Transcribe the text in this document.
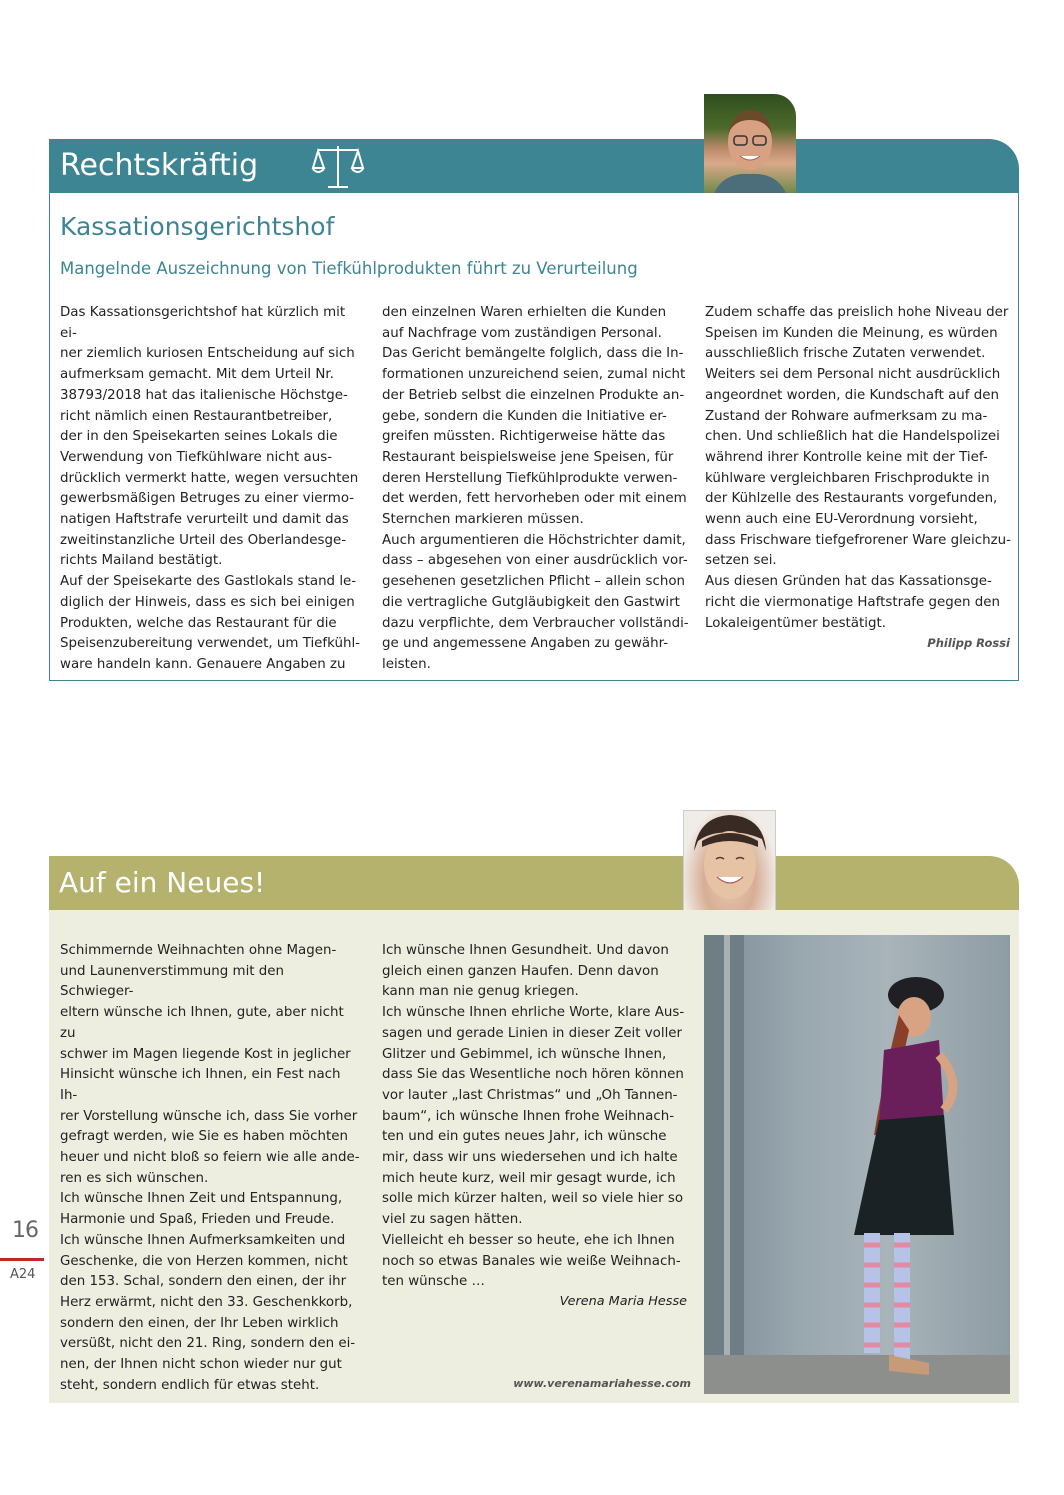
Rechtskräftig
Kassationsgerichtshof
Mangelnde Auszeichnung von Tiefkühlprodukten führt zu Verurteilung

Das Kassationsgerichtshof hat kürzlich mit ei-
ner ziemlich kuriosen Entscheidung auf sich
aufmerksam gemacht. Mit dem Urteil Nr.
38793/2018 hat das italienische Höchstge-
richt nämlich einen Restaurantbetreiber,
der in den Speisekarten seines Lokals die
Verwendung von Tiefkühlware nicht aus-
drücklich vermerkt hatte, wegen versuchten
gewerbsmäßigen Betruges zu einer viermo-
natigen Haftstrafe verurteilt und damit das
zweitinstanzliche Urteil des Oberlandesge-
richts Mailand bestätigt.
Auf der Speisekarte des Gastlokals stand le-
diglich der Hinweis, dass es sich bei einigen
Produkten, welche das Restaurant für die
Speisenzubereitung verwendet, um Tiefkühl-
ware handeln kann. Genauere Angaben zu

den einzelnen Waren erhielten die Kunden
auf Nachfrage vom zuständigen Personal.
Das Gericht bemängelte folglich, dass die In-
formationen unzureichend seien, zumal nicht
der Betrieb selbst die einzelnen Produkte an-
gebe, sondern die Kunden die Initiative er-
greifen müssten. Richtigerweise hätte das
Restaurant beispielsweise jene Speisen, für
deren Herstellung Tiefkühlprodukte verwen-
det werden, fett hervorheben oder mit einem
Sternchen markieren müssen.
Auch argumentieren die Höchstrichter damit,
dass – abgesehen von einer ausdrücklich vor-
gesehenen gesetzlichen Pflicht – allein schon
die vertragliche Gutgläubigkeit den Gastwirt
dazu verpflichte, dem Verbraucher vollständi-
ge und angemessene Angaben zu gewähr-
leisten.

Zudem schaffe das preislich hohe Niveau der
Speisen im Kunden die Meinung, es würden
ausschließlich frische Zutaten verwendet.
Weiters sei dem Personal nicht ausdrücklich
angeordnet worden, die Kundschaft auf den
Zustand der Rohware aufmerksam zu ma-
chen. Und schließlich hat die Handelspolizei
während ihrer Kontrolle keine mit der Tief-
kühlware vergleichbaren Frischprodukte in
der Kühlzelle des Restaurants vorgefunden,
wenn auch eine EU-Verordnung vorsieht,
dass Frischware tiefgefrorener Ware gleichzu-
setzen sei.
Aus diesen Gründen hat das Kassationsge-
richt die viermonatige Haftstrafe gegen den
Lokaleigentümer bestätigt.

Philipp Rossi
Auf ein Neues!

Schimmernde Weihnachten ohne Magen-
und Launenverstimmung mit den Schwieger-
eltern wünsche ich Ihnen, gute, aber nicht zu
schwer im Magen liegende Kost in jeglicher
Hinsicht wünsche ich Ihnen, ein Fest nach Ih-
rer Vorstellung wünsche ich, dass Sie vorher
gefragt werden, wie Sie es haben möchten
heuer und nicht bloß so feiern wie alle ande-
ren es sich wünschen.
Ich wünsche Ihnen Zeit und Entspannung,
Harmonie und Spaß, Frieden und Freude.
Ich wünsche Ihnen Aufmerksamkeiten und
Geschenke, die von Herzen kommen, nicht
den 153. Schal, sondern den einen, der ihr
Herz erwärmt, nicht den 33. Geschenkkorb,
sondern den einen, der Ihr Leben wirklich
versüßt, nicht den 21. Ring, sondern den ei-
nen, der Ihnen nicht schon wieder nur gut
steht, sondern endlich für etwas steht.

Ich wünsche Ihnen Gesundheit. Und davon
gleich einen ganzen Haufen. Denn davon
kann man nie genug kriegen.
Ich wünsche Ihnen ehrliche Worte, klare Aus-
sagen und gerade Linien in dieser Zeit voller
Glitzer und Gebimmel, ich wünsche Ihnen,
dass Sie das Wesentliche noch hören können
vor lauter „last Christmas“ und „Oh Tannen-
baum“, ich wünsche Ihnen frohe Weihnach-
ten und ein gutes neues Jahr, ich wünsche
mir, dass wir uns wiedersehen und ich halte
mich heute kurz, weil mir gesagt wurde, ich
solle mich kürzer halten, weil so viele hier so
viel zu sagen hätten.
Vielleicht eh besser so heute, ehe ich Ihnen
noch so etwas Banales wie weiße Weihnach-
ten wünsche …

Verena Maria Hesse
www.verenamariahesse.com
16
A24
